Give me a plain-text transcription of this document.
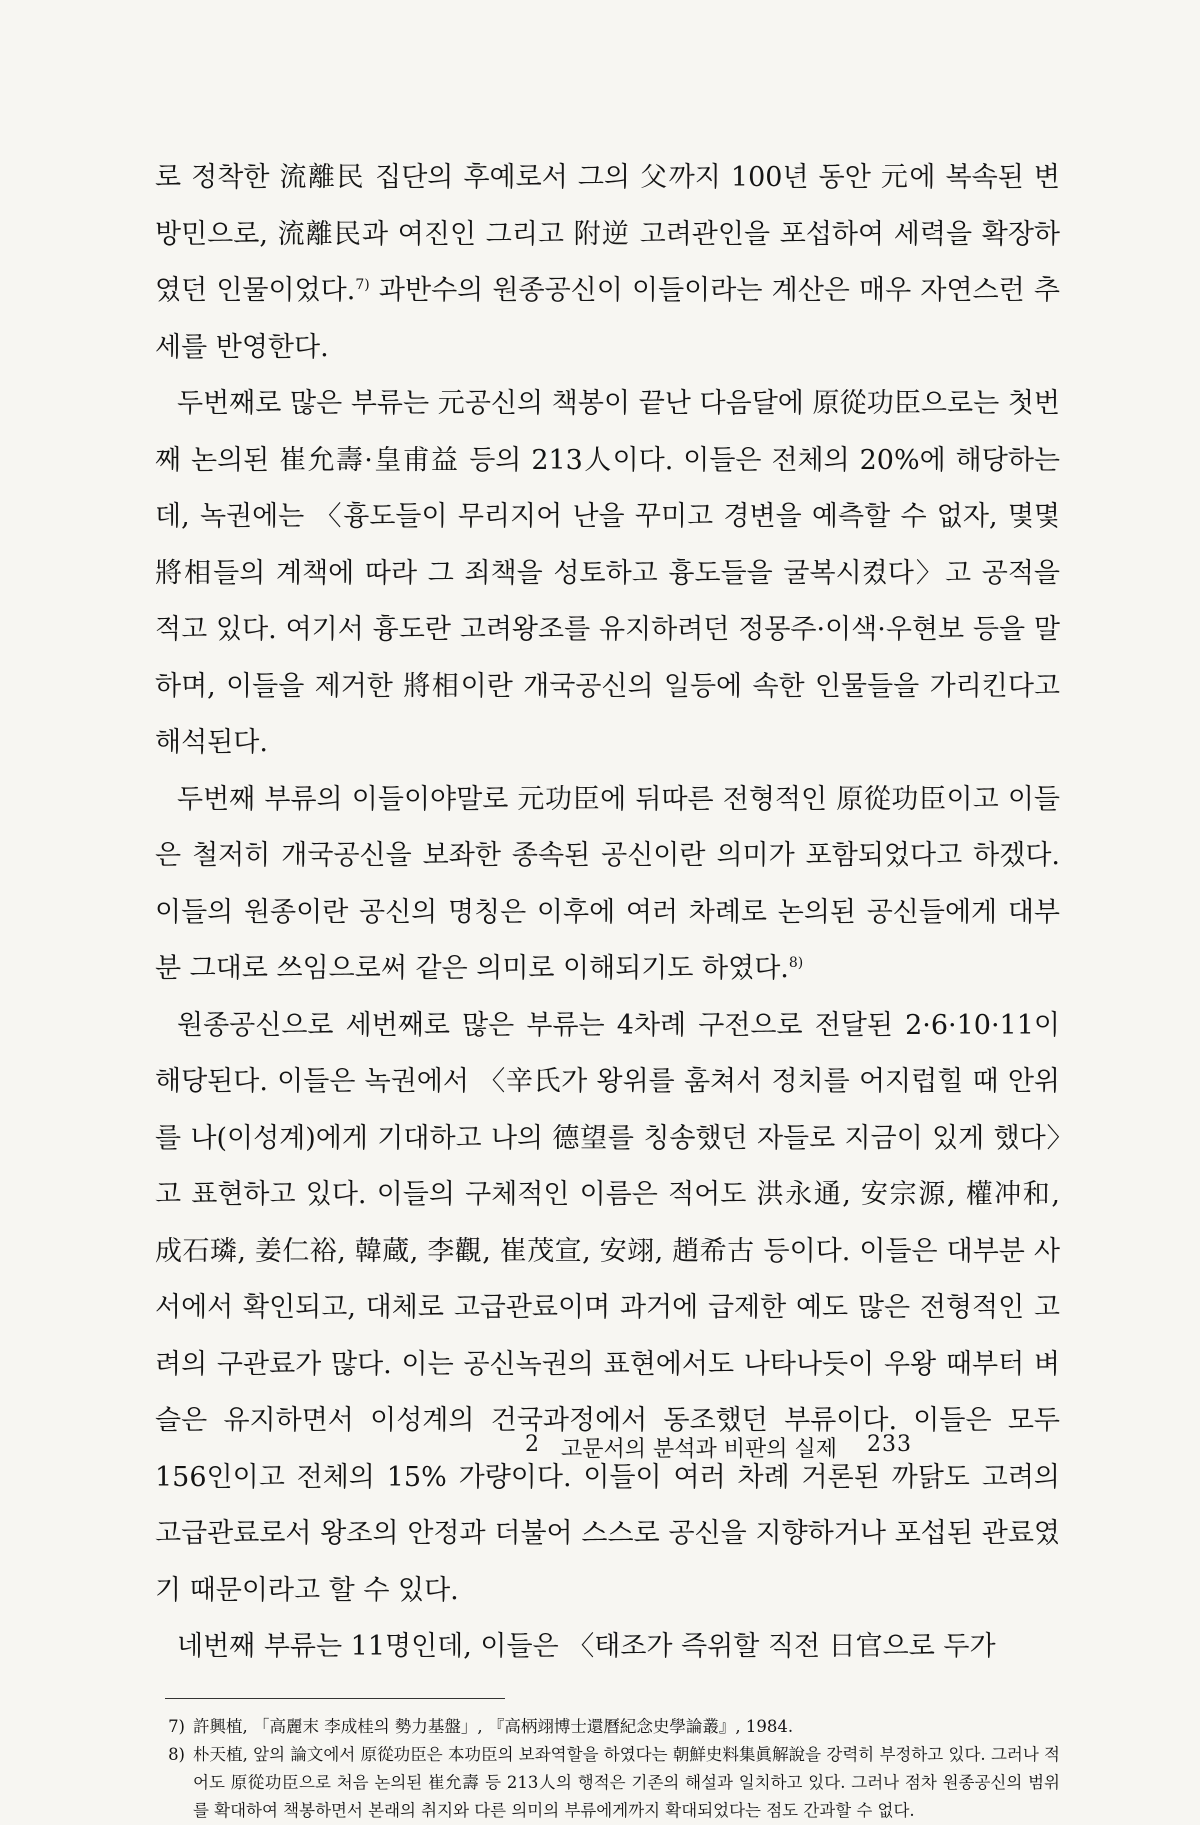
로 정착한 流離民 집단의 후예로서 그의 父까지 100년 동안 元에 복속된 변방민으로, 流離民과 여진인 그리고 附逆 고려관인을 포섭하여 세력을 확장하였던 인물이었다.$^{7)}$ 과반수의 원종공신이 이들이라는 계산은 매우 자연스런 추세를 반영한다.

두번째로 많은 부류는 元공신의 책봉이 끝난 다음달에 原從功臣으로는 첫번째 논의된 崔允壽·皇甫益 등의 213人이다. 이들은 전체의 20%에 해당하는데, 녹권에는 〈흉도들이 무리지어 난을 꾸미고 경변을 예측할 수 없자, 몇몇 將相들의 계책에 따라 그 죄책을 성토하고 흉도들을 굴복시켰다〉고 공적을 적고 있다. 여기서 흉도란 고려왕조를 유지하려던 정몽주·이색·우현보 등을 말하며, 이들을 제거한 將相이란 개국공신의 일등에 속한 인물들을 가리킨다고 해석된다.

두번째 부류의 이들이야말로 元功臣에 뒤따른 전형적인 原從功臣이고 이들은 철저히 개국공신을 보좌한 종속된 공신이란 의미가 포함되었다고 하겠다. 이들의 원종이란 공신의 명칭은 이후에 여러 차례로 논의된 공신들에게 대부분 그대로 쓰임으로써 같은 의미로 이해되기도 하였다.$^{8)}$

원종공신으로 세번째로 많은 부류는 4차례 구전으로 전달된 2·6·10·11이 해당된다. 이들은 녹권에서 〈辛氏가 왕위를 훔쳐서 정치를 어지럽힐 때 안위를 나(이성계)에게 기대하고 나의 德望를 칭송했던 자들로 지금이 있게 했다〉고 표현하고 있다. 이들의 구체적인 이름은 적어도 洪永通, 安宗源, 權冲和, 成石璘, 姜仁裕, 韓蔵, 李觀, 崔茂宣, 安翊, 趙希古 등이다. 이들은 대부분 사서에서 확인되고, 대체로 고급관료이며 과거에 급제한 예도 많은 전형적인 고려의 구관료가 많다. 이는 공신녹권의 표현에서도 나타나듯이 우왕 때부터 벼슬은 유지하면서 이성계의 건국과정에서 동조했던 부류이다. 이들은 모두 156인이고 전체의 15% 가량이다. 이들이 여러 차례 거론된 까닭도 고려의 고급관료로서 왕조의 안정과 더불어 스스로 공신을 지향하거나 포섭된 관료였기 때문이라고 할 수 있다.

네번째 부류는 11명인데, 이들은 〈태조가 즉위할 직전 日官으로 두가

7) 許興植, 「高麗末 李成桂의 勢力基盤」, 『高柄翊博士還曆紀念史學論叢』, 1984.
8) 朴天植, 앞의 論文에서 原從功臣은 本功臣의 보좌역할을 하였다는 朝鮮史料集眞解說을 강력히 부정하고 있다. 그러나 적어도 原從功臣으로 처음 논의된 崔允壽 등 213人의 행적은 기존의 해설과 일치하고 있다. 그러나 점차 원종공신의 범위를 확대하여 책봉하면서 본래의 취지와 다른 의미의 부류에게까지 확대되었다는 점도 간과할 수 없다.
2	고문서의 분석과 비판의 실제 233
